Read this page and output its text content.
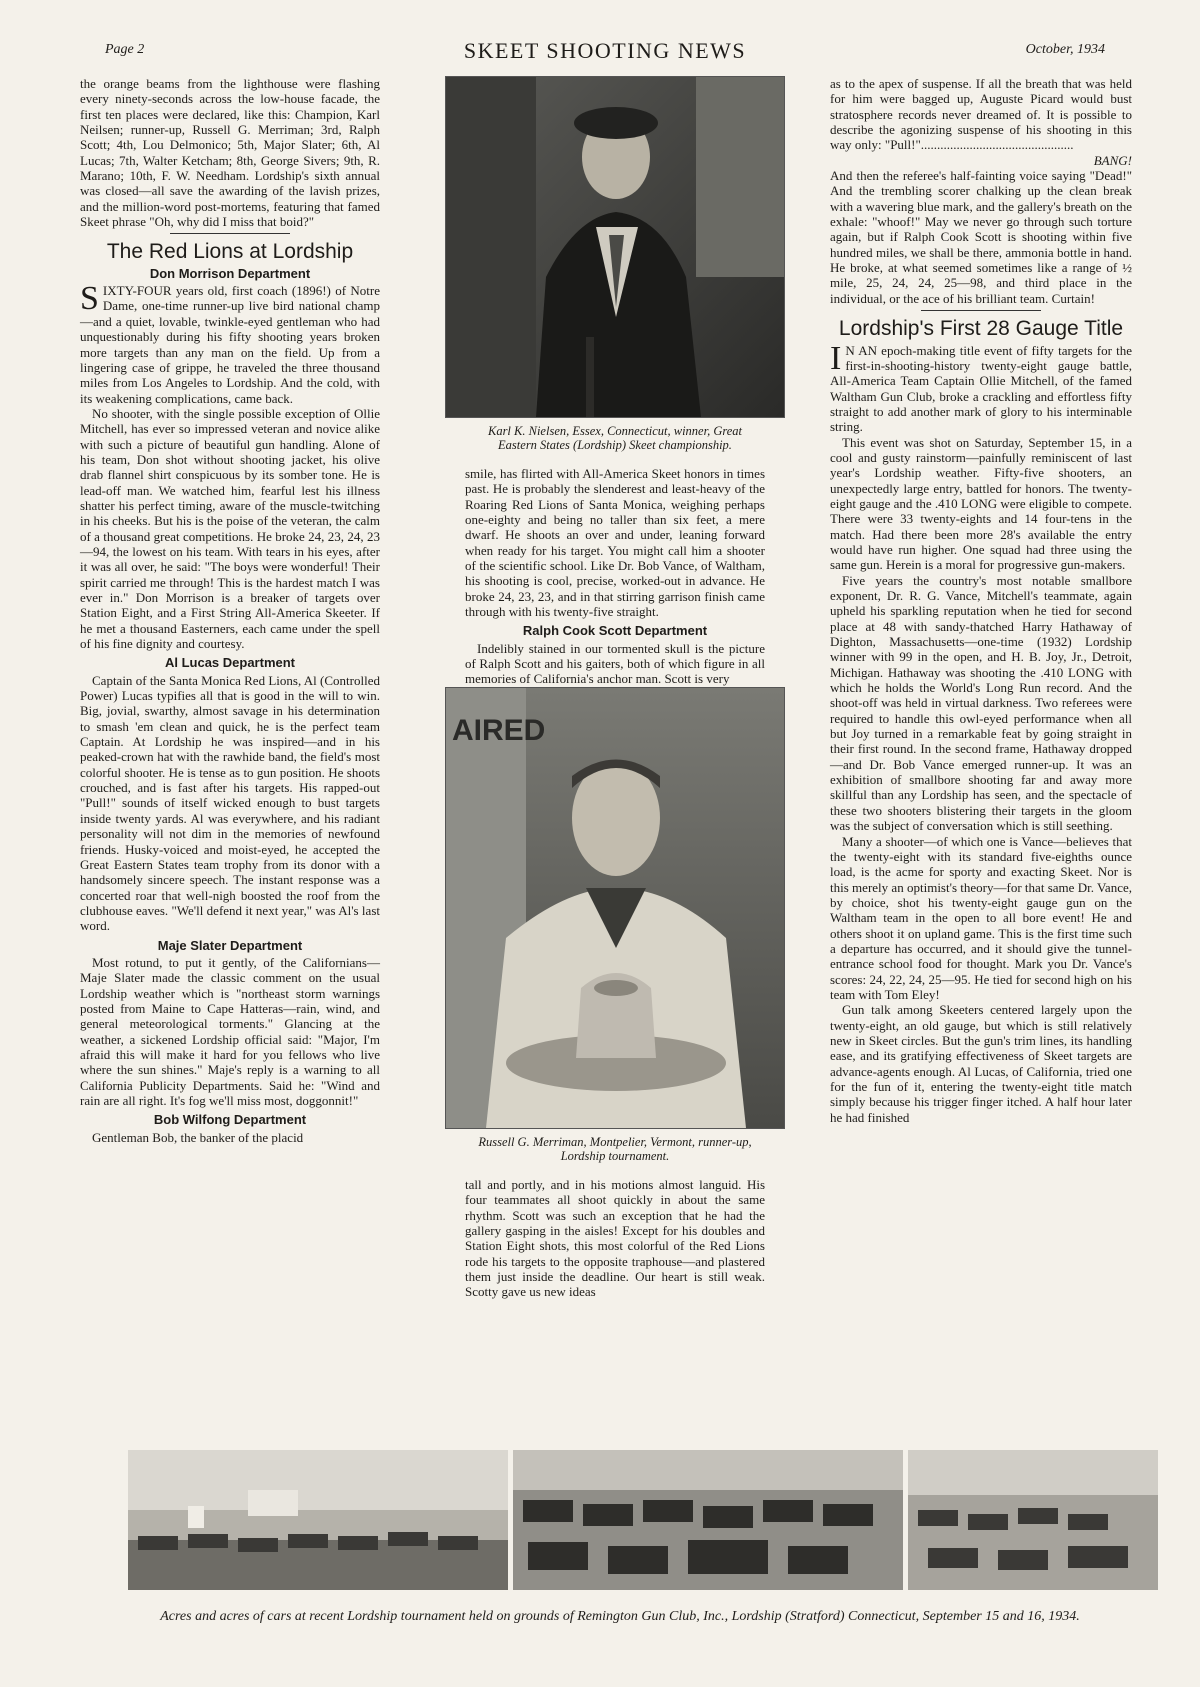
Page 2	SKEET SHOOTING NEWS	October, 1934

the orange beams from the lighthouse were flashing every ninety-seconds across the low-house facade, the first ten places were declared, like this: Champion, Karl Neilsen; runner-up, Russell G. Merriman; 3rd, Ralph Scott; 4th, Lou Delmonico; 5th, Major Slater; 6th, Al Lucas; 7th, Walter Ketcham; 8th, George Sivers; 9th, R. Marano; 10th, F. W. Needham. Lordship's sixth annual was closed—all save the awarding of the lavish prizes, and the million-word post-mortems, featuring that famed Skeet phrase "Oh, why did I miss that boid?"

The Red Lions at Lordship
Don Morrison Department

SIXTY-FOUR years old, first coach (1896!) of Notre Dame, one-time runner-up live bird national champ—and a quiet, lovable, twinkle-eyed gentleman who had unquestionably during his fifty shooting years broken more targets than any man on the field. Up from a lingering case of grippe, he traveled the three thousand miles from Los Angeles to Lordship. And the cold, with its weakening complications, came back.

No shooter, with the single possible exception of Ollie Mitchell, has ever so impressed veteran and novice alike with such a picture of beautiful gun handling. Alone of his team, Don shot without shooting jacket, his olive drab flannel shirt conspicuous by its somber tone. He is lead-off man. We watched him, fearful lest his illness shatter his perfect timing, aware of the muscle-twitching in his cheeks. But his is the poise of the veteran, the calm of a thousand great competitions. He broke 24, 23, 24, 23—94, the lowest on his team. With tears in his eyes, after it was all over, he said: "The boys were wonderful! Their spirit carried me through! This is the hardest match I was ever in." Don Morrison is a breaker of targets over Station Eight, and a First String All-America Skeeter. If he met a thousand Easterners, each came under the spell of his fine dignity and courtesy.

Al Lucas Department

Captain of the Santa Monica Red Lions, Al (Controlled Power) Lucas typifies all that is good in the will to win. Big, jovial, swarthy, almost savage in his determination to smash 'em clean and quick, he is the perfect team Captain. At Lordship he was inspired—and in his peaked-crown hat with the rawhide band, the field's most colorful shooter. He is tense as to gun position. He shoots crouched, and is fast after his targets. His rapped-out "Pull!" sounds of itself wicked enough to bust targets inside twenty yards. Al was everywhere, and his radiant personality will not dim in the memories of newfound friends. Husky-voiced and moist-eyed, he accepted the Great Eastern States team trophy from its donor with a handsomely sincere speech. The instant response was a concerted roar that well-nigh boosted the roof from the clubhouse eaves. "We'll defend it next year," was Al's last word.

Maje Slater Department

Most rotund, to put it gently, of the Californians—Maje Slater made the classic comment on the usual Lordship weather which is "northeast storm warnings posted from Maine to Cape Hatteras—rain, wind, and general meteorological torments." Glancing at the weather, a sickened Lordship official said: "Major, I'm afraid this will make it hard for you fellows who live where the sun shines." Maje's reply is a warning to all California Publicity Departments. Said he: "Wind and rain are all right. It's fog we'll miss most, doggonnit!"

Bob Wilfong Department

Gentleman Bob, the banker of the placid

Karl K. Nielsen, Essex, Connecticut, winner, Great Eastern States (Lordship) Skeet championship.

smile, has flirted with All-America Skeet honors in times past. He is probably the slenderest and least-heavy of the Roaring Red Lions of Santa Monica, weighing perhaps one-eighty and being no taller than six feet, a mere dwarf. He shoots an over and under, leaning forward when ready for his target. You might call him a shooter of the scientific school. Like Dr. Bob Vance, of Waltham, his shooting is cool, precise, worked-out in advance. He broke 24, 23, 23, and in that stirring garrison finish came through with his twenty-five straight.

Ralph Cook Scott Department

Indelibly stained in our tormented skull is the picture of Ralph Scott and his gaiters, both of which figure in all memories of California's anchor man. Scott is very

AIRED
Russell G. Merriman, Montpelier, Vermont, runner-up, Lordship tournament.

tall and portly, and in his motions almost languid. His four teammates all shoot quickly in about the same rhythm. Scott was such an exception that he had the gallery gasping in the aisles! Except for his doubles and Station Eight shots, this most colorful of the Red Lions rode his targets to the opposite traphouse—and plastered them just inside the deadline. Our heart is still weak. Scotty gave us new ideas

as to the apex of suspense. If all the breath that was held for him were bagged up, Auguste Picard would bust stratosphere records never dreamed of. It is possible to describe the agonizing suspense of his shooting in this way only: "Pull!"...............................................

BANG!

And then the referee's half-fainting voice saying "Dead!" And the trembling scorer chalking up the clean break with a wavering blue mark, and the gallery's breath on the exhale: "whoof!" May we never go through such torture again, but if Ralph Cook Scott is shooting within five hundred miles, we shall be there, ammonia bottle in hand. He broke, at what seemed sometimes like a range of ½ mile, 25, 24, 24, 25—98, and third place in the individual, or the ace of his brilliant team. Curtain!

Lordship's First 28 Gauge Title

I N AN epoch-making title event of fifty targets for the first-in-shooting-history twenty-eight gauge battle, All-America Team Captain Ollie Mitchell, of the famed Waltham Gun Club, broke a crackling and effortless fifty straight to add another mark of glory to his interminable string.

This event was shot on Saturday, September 15, in a cool and gusty rainstorm—painfully reminiscent of last year's Lordship weather. Fifty-five shooters, an unexpectedly large entry, battled for honors. The twenty-eight gauge and the .410 LONG were eligible to compete. There were 33 twenty-eights and 14 four-tens in the match. Had there been more 28's available the entry would have run higher. One squad had three using the same gun. Herein is a moral for progressive gun-makers.

Five years the country's most notable smallbore exponent, Dr. R. G. Vance, Mitchell's teammate, again upheld his sparkling reputation when he tied for second place at 48 with sandy-thatched Harry Hathaway of Dighton, Massachusetts—one-time (1932) Lordship winner with 99 in the open, and H. B. Joy, Jr., Detroit, Michigan. Hathaway was shooting the .410 LONG with which he holds the World's Long Run record. And the shoot-off was held in virtual darkness. Two referees were required to handle this owl-eyed performance when all but Joy turned in a remarkable feat by going straight in their first round. In the second frame, Hathaway dropped—and Dr. Bob Vance emerged runner-up. It was an exhibition of smallbore shooting far and away more skillful than any Lordship has seen, and the spectacle of these two shooters blistering their targets in the gloom was the subject of conversation which is still seething.

Many a shooter—of which one is Vance—believes that the twenty-eight with its standard five-eighths ounce load, is the acme for sporty and exacting Skeet. Nor is this merely an optimist's theory—for that same Dr. Vance, by choice, shot his twenty-eight gauge gun on the Waltham team in the open to all bore event! He and others shoot it on upland game. This is the first time such a departure has occurred, and it should give the tunnel-entrance school food for thought. Mark you Dr. Vance's scores: 24, 22, 24, 25—95. He tied for second high on his team with Tom Eley!

Gun talk among Skeeters centered largely upon the twenty-eight, an old gauge, but which is still relatively new in Skeet circles. But the gun's trim lines, its handling ease, and its gratifying effectiveness of Skeet targets are advance-agents enough. Al Lucas, of California, tried one for the fun of it, entering the twenty-eight title match simply because his trigger finger itched. A half hour later he had finished

Acres and acres of cars at recent Lordship tournament held on grounds of Remington Gun Club, Inc., Lordship (Stratford) Connecticut, September 15 and 16, 1934.
